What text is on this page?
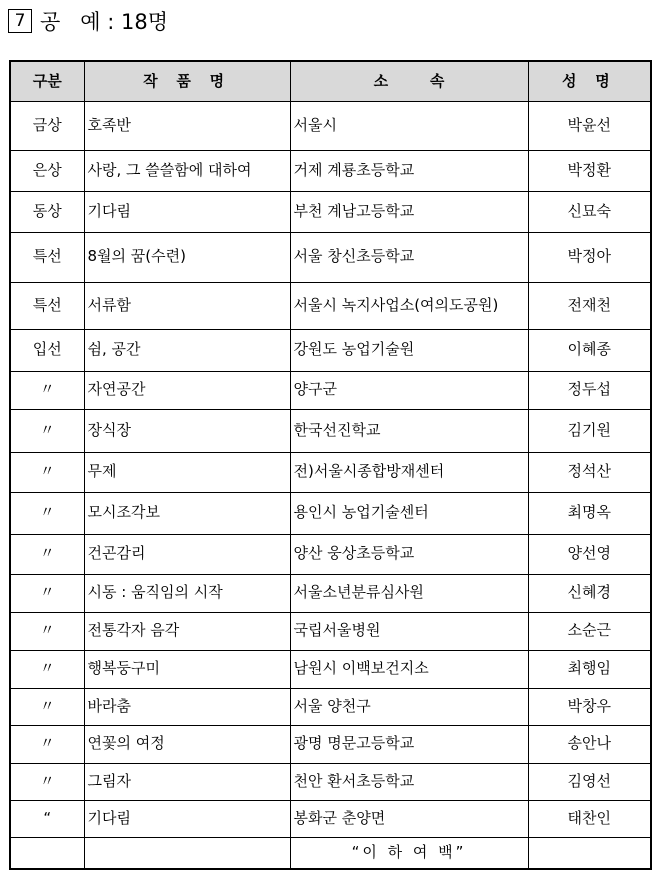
7 공   예 : 18명
구분	작 품 명	소        속	성 명
금상	호족반	서울시	박윤선
은상	사랑, 그 쓸쓸함에 대하여	거제 계룡초등학교	박정환
동상	기다림	부천 계남고등학교	신묘숙
특선	8월의 꿈(수련)	서울 창신초등학교	박정아
특선	서류함	서울시 녹지사업소(여의도공원)	전재천
입선	쉼, 공간	강원도 농업기술원	이혜종
〃	자연공간	양구군	정두섭
〃	장식장	한국선진학교	김기원
〃	무제	전)서울시종합방재센터	정석산
〃	모시조각보	용인시 농업기술센터	최명옥
〃	건곤감리	양산 웅상초등학교	양선영
〃	시동 : 움직임의 시작	서울소년분류심사원	신혜경
〃	전통각자 음각	국립서울병원	소순근
〃	행복둥구미	남원시 이백보건지소	최행임
〃	바라춤	서울 양천구	박창우
〃	연꽃의 여정	광명 명문고등학교	송안나
〃	그림자	천안 환서초등학교	김영선
“	기다림	봉화군 춘양면	태찬인
		“이 하 여 백”	
